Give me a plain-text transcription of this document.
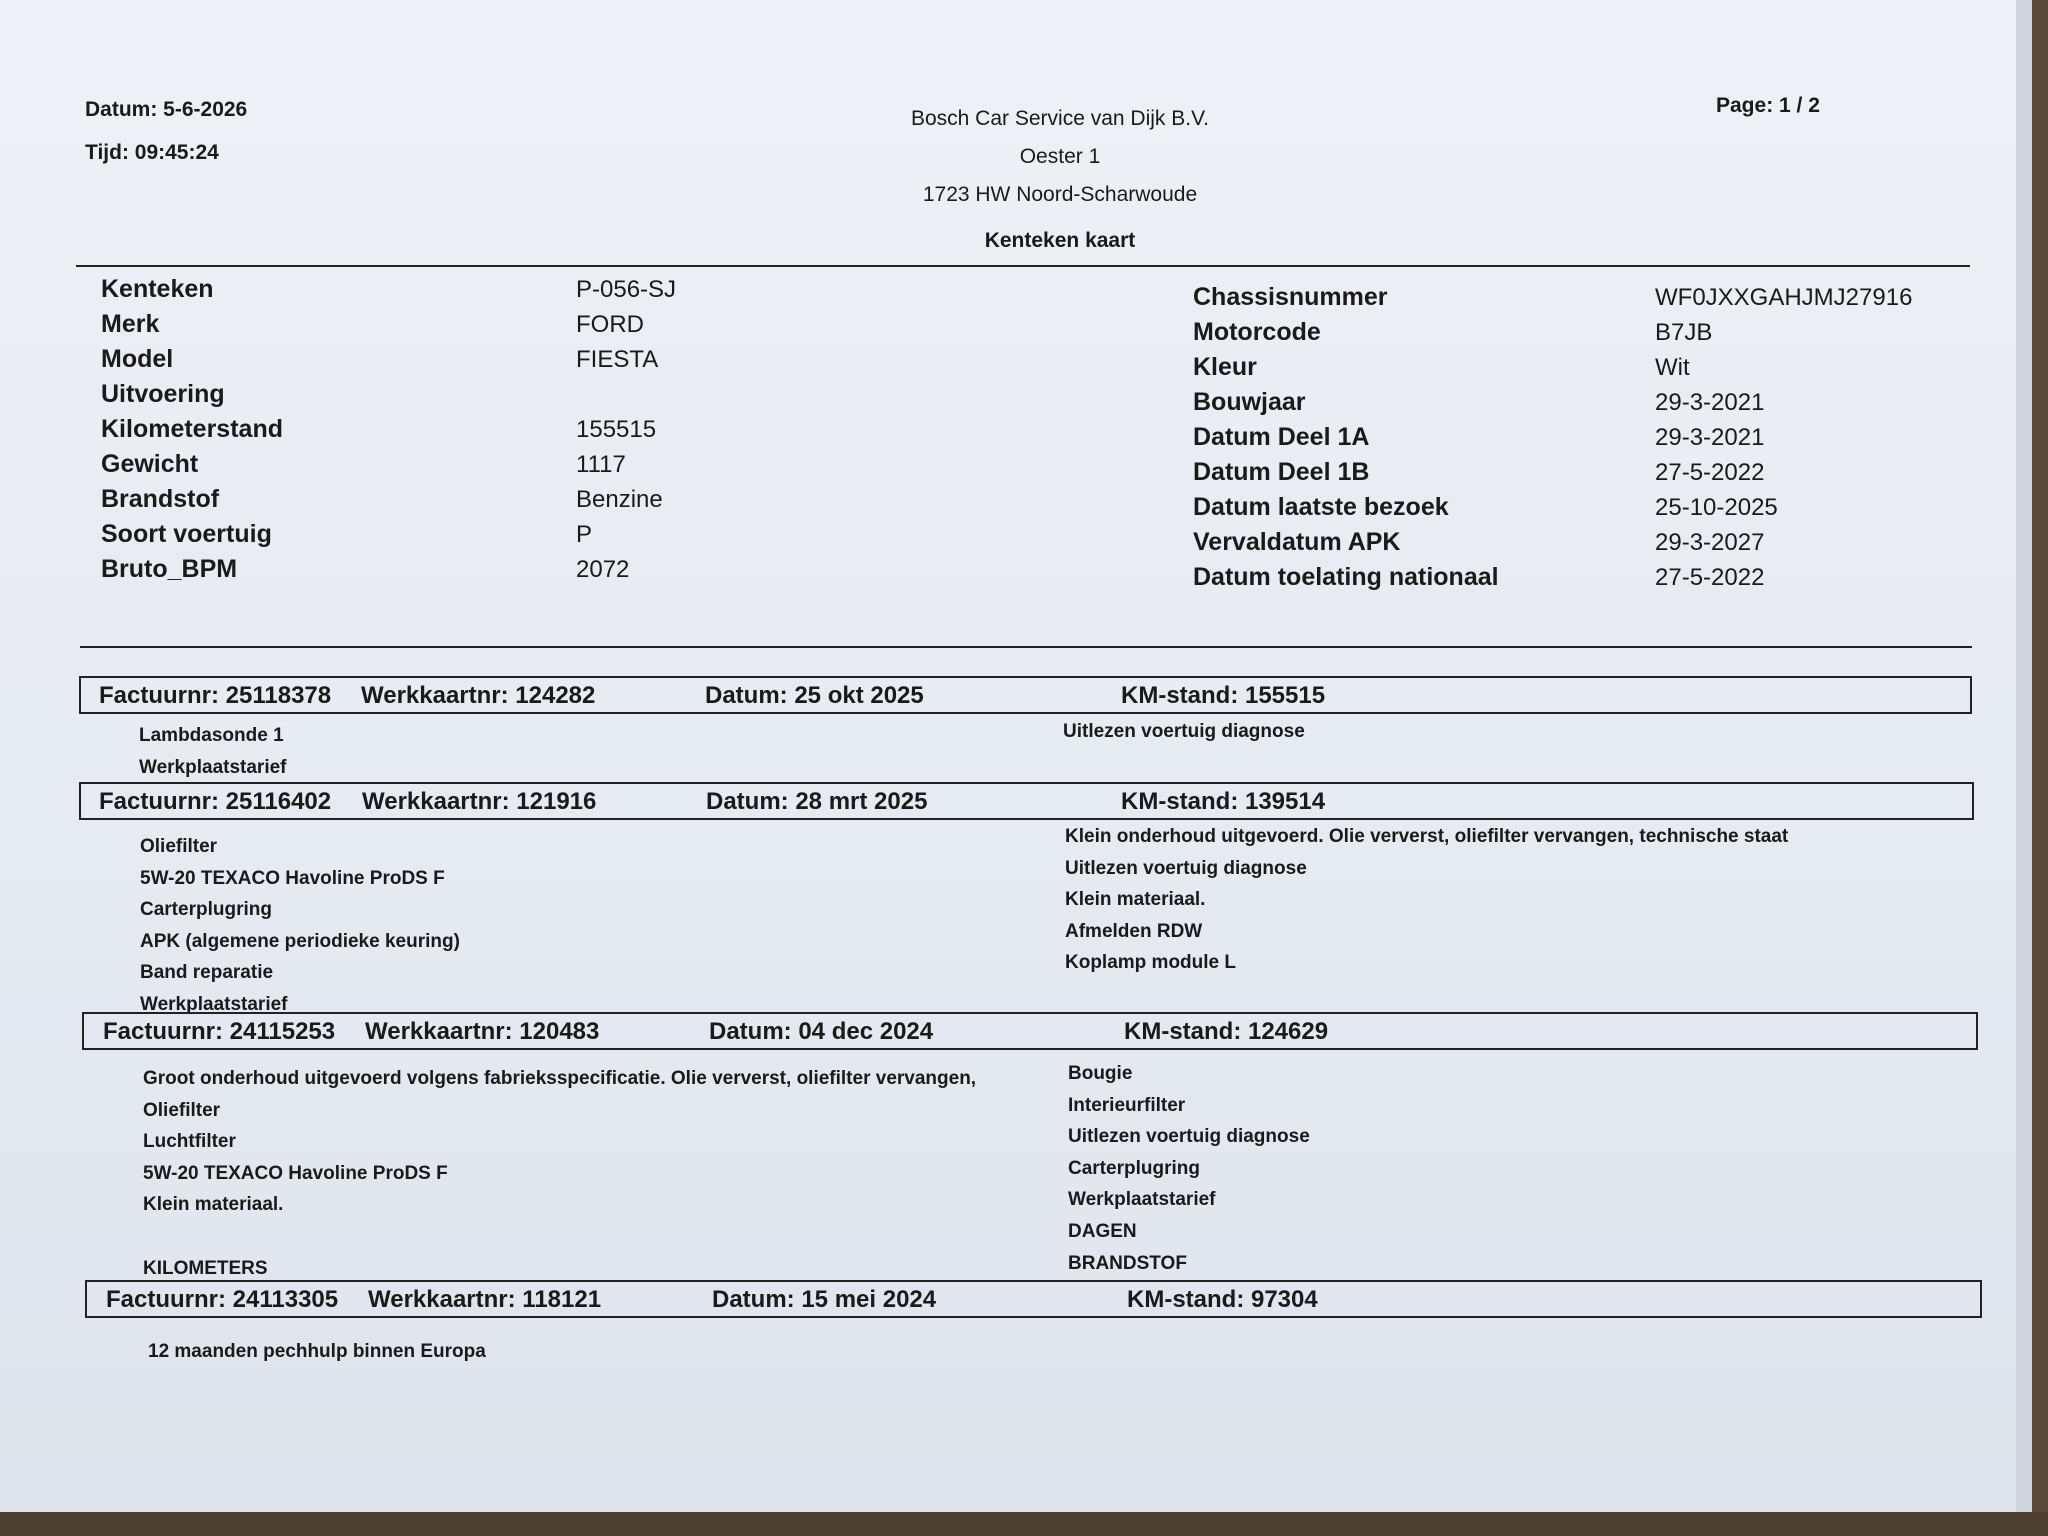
Datum: 5-6-2026
Tijd: 09:45:24
Bosch Car Service van Dijk B.V.
Oester 1
1723 HW Noord-Scharwoude
Kenteken kaart
Page: 1 / 2
Kenteken	P-056-SJ
Merk	FORD
Model	FIESTA
Uitvoering
Kilometerstand	155515
Gewicht	1117
Brandstof	Benzine
Soort voertuig	P
Bruto_BPM	2072
Chassisnummer	WF0JXXGAHJMJ27916
Motorcode	B7JB
Kleur	Wit
Bouwjaar	29-3-2021
Datum Deel 1A	29-3-2021
Datum Deel 1B	27-5-2022
Datum laatste bezoek	25-10-2025
Vervaldatum APK	29-3-2027
Datum toelating nationaal	27-5-2022
Factuurnr: 25118378 Werkkaartnr: 124282	Datum: 25 okt 2025	KM-stand: 155515
Lambdasonde 1
Werkplaatstarief
Uitlezen voertuig diagnose
Factuurnr: 25116402 Werkkaartnr: 121916	Datum: 28 mrt 2025	KM-stand: 139514
Oliefilter
5W-20 TEXACO Havoline ProDS F
Carterplugring
APK (algemene periodieke keuring)
Band reparatie
Werkplaatstarief
Klein onderhoud uitgevoerd. Olie ververst, oliefilter vervangen, technische staat
Uitlezen voertuig diagnose
Klein materiaal.
Afmelden RDW
Koplamp module L
Factuurnr: 24115253 Werkkaartnr: 120483	Datum: 04 dec 2024	KM-stand: 124629
Groot onderhoud uitgevoerd volgens fabrieksspecificatie. Olie ververst, oliefilter vervangen,
Oliefilter
Luchtfilter
5W-20 TEXACO Havoline ProDS F
Klein materiaal.
KILOMETERS
Bougie
Interieurfilter
Uitlezen voertuig diagnose
Carterplugring
Werkplaatstarief
DAGEN
BRANDSTOF
Factuurnr: 24113305 Werkkaartnr: 118121	Datum: 15 mei 2024	KM-stand: 97304
12 maanden pechhulp binnen Europa
